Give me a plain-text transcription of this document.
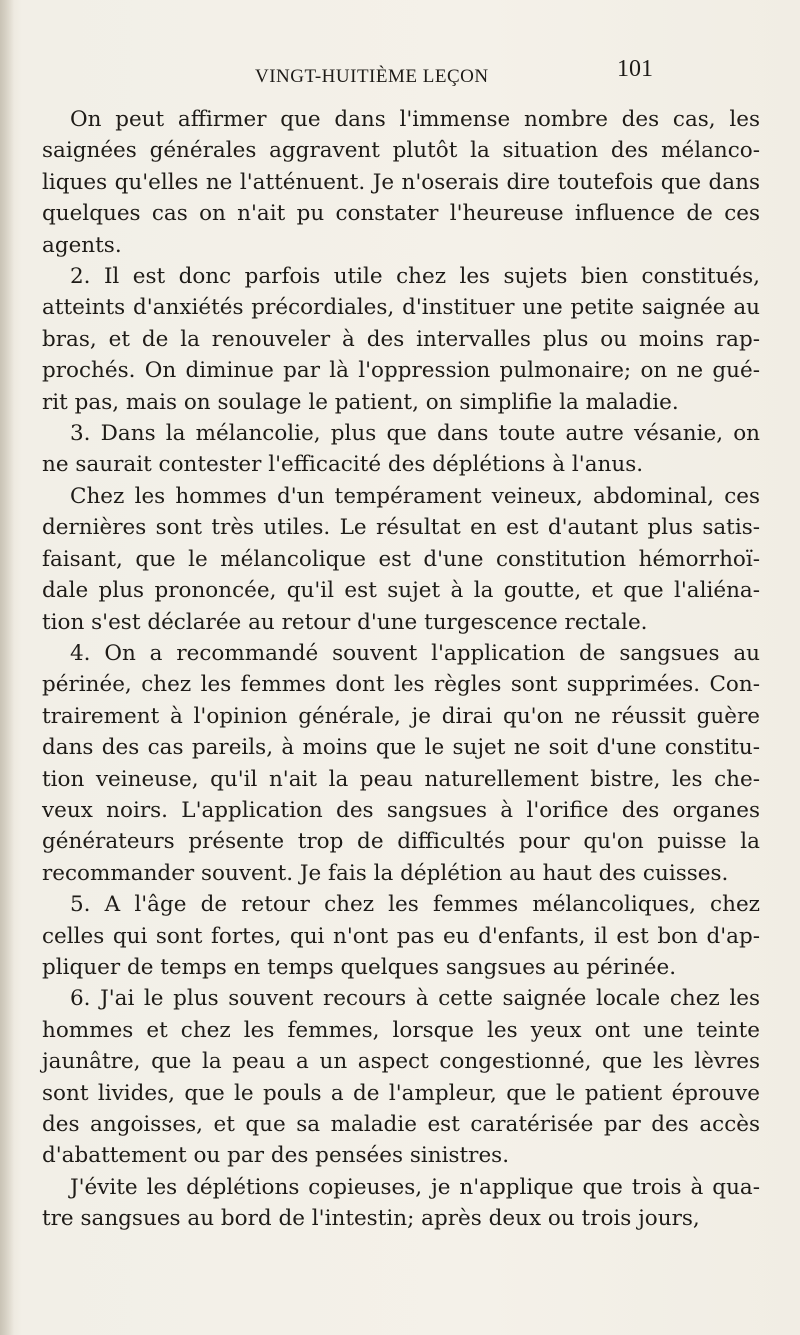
VINGT-HUITIÈME LEÇON	101

On peut affirmer que dans l'immense nombre des cas, les saignées générales aggravent plutôt la situation des mélanco-liques qu'elles ne l'atténuent. Je n'oserais dire toutefois que dans quelques cas on n'ait pu constater l'heureuse influence de ces agents.

2. Il est donc parfois utile chez les sujets bien constitués, atteints d'anxiétés précordiales, d'instituer une petite saignée au bras, et de la renouveler à des intervalles plus ou moins rap-prochés. On diminue par là l'oppression pulmonaire; on ne gué-rit pas, mais on soulage le patient, on simplifie la maladie.

3. Dans la mélancolie, plus que dans toute autre vésanie, on ne saurait contester l'efficacité des déplétions à l'anus.

Chez les hommes d'un tempérament veineux, abdominal, ces dernières sont très utiles. Le résultat en est d'autant plus satis-faisant, que le mélancolique est d'une constitution hémorrhoï-dale plus prononcée, qu'il est sujet à la goutte, et que l'aliéna-tion s'est déclarée au retour d'une turgescence rectale.

4. On a recommandé souvent l'application de sangsues au périnée, chez les femmes dont les règles sont supprimées. Con-trairement à l'opinion générale, je dirai qu'on ne réussit guère dans des cas pareils, à moins que le sujet ne soit d'une constitu-tion veineuse, qu'il n'ait la peau naturellement bistre, les che-veux noirs. L'application des sangsues à l'orifice des organes générateurs présente trop de difficultés pour qu'on puisse la recommander souvent. Je fais la déplétion au haut des cuisses.

5. A l'âge de retour chez les femmes mélancoliques, chez celles qui sont fortes, qui n'ont pas eu d'enfants, il est bon d'ap-pliquer de temps en temps quelques sangsues au périnée.

6. J'ai le plus souvent recours à cette saignée locale chez les hommes et chez les femmes, lorsque les yeux ont une teinte jaunâtre, que la peau a un aspect congestionné, que les lèvres sont livides, que le pouls a de l'ampleur, que le patient éprouve des angoisses, et que sa maladie est caratérisée par des accès d'abattement ou par des pensées sinistres.

J'évite les déplétions copieuses, je n'applique que trois à qua-tre sangsues au bord de l'intestin; après deux ou trois jours,
